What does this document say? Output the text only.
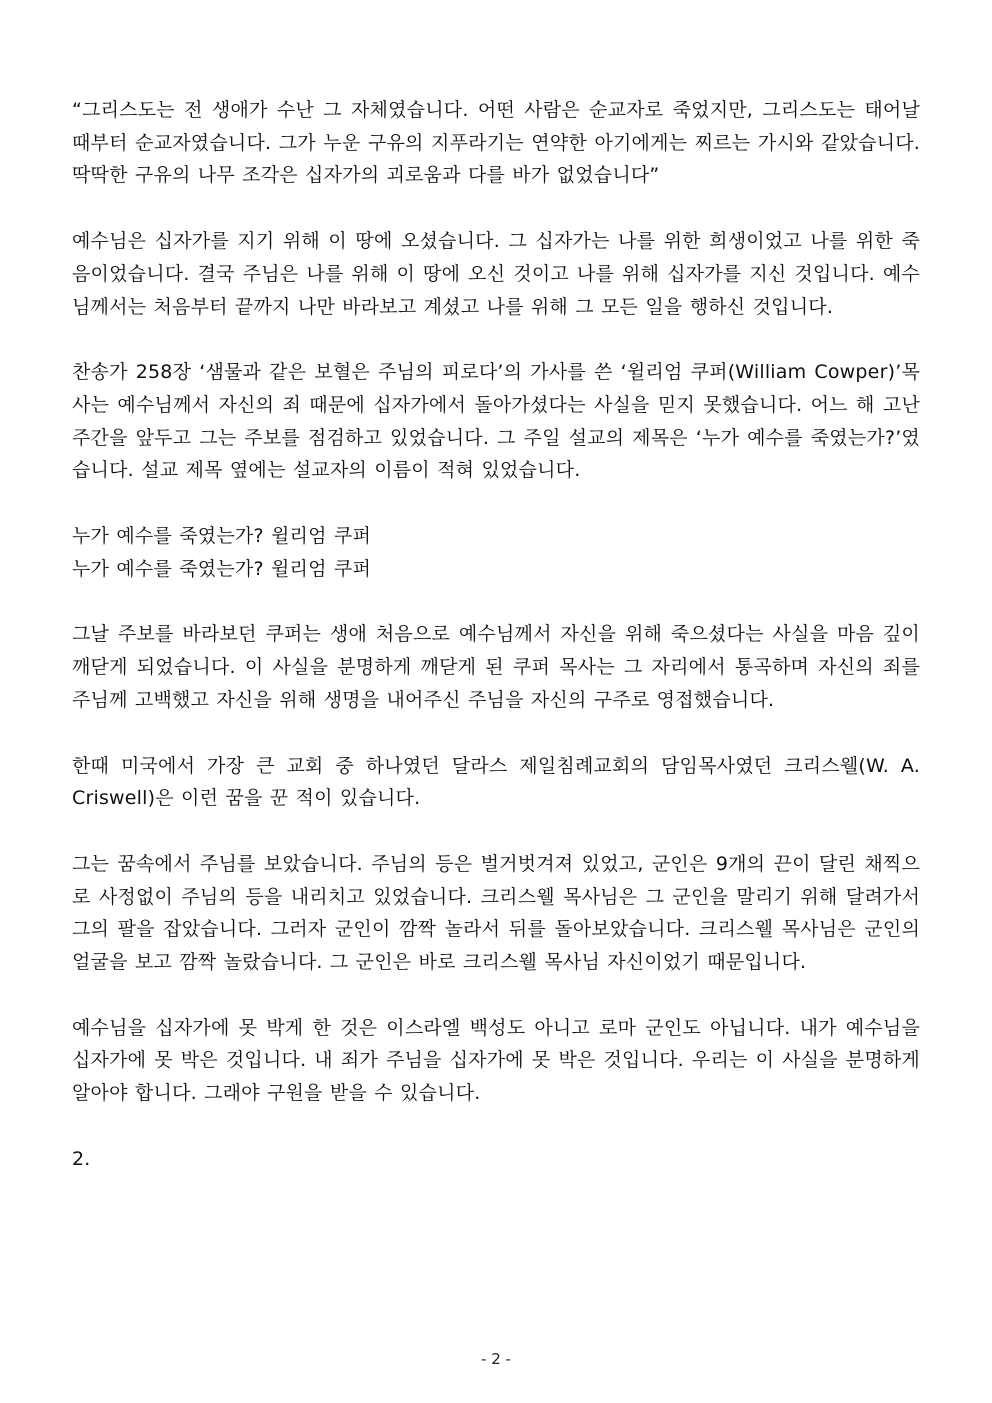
“그리스도는 전 생애가 수난 그 자체였습니다. 어떤 사람은 순교자로 죽었지만, 그리스도는 태어날 때부터 순교자였습니다. 그가 누운 구유의 지푸라기는 연약한 아기에게는 찌르는 가시와 같았습니다. 딱딱한 구유의 나무 조각은 십자가의 괴로움과 다를 바가 없었습니다”

예수님은 십자가를 지기 위해 이 땅에 오셨습니다. 그 십자가는 나를 위한 희생이었고 나를 위한 죽음이었습니다. 결국 주님은 나를 위해 이 땅에 오신 것이고 나를 위해 십자가를 지신 것입니다. 예수님께서는 처음부터 끝까지 나만 바라보고 계셨고 나를 위해 그 모든 일을 행하신 것입니다.

찬송가 258장 ‘샘물과 같은 보혈은 주님의 피로다’의 가사를 쓴 ‘윌리엄 쿠퍼(William Cowper)’목사는 예수님께서 자신의 죄 때문에 십자가에서 돌아가셨다는 사실을 믿지 못했습니다. 어느 해 고난주간을 앞두고 그는 주보를 점검하고 있었습니다. 그 주일 설교의 제목은 ‘누가 예수를 죽였는가?’였습니다. 설교 제목 옆에는 설교자의 이름이 적혀 있었습니다.

누가 예수를 죽였는가? 윌리엄 쿠퍼
누가 예수를 죽였는가? 윌리엄 쿠퍼

그날 주보를 바라보던 쿠퍼는 생애 처음으로 예수님께서 자신을 위해 죽으셨다는 사실을 마음 깊이 깨닫게 되었습니다. 이 사실을 분명하게 깨닫게 된 쿠퍼 목사는 그 자리에서 통곡하며 자신의 죄를 주님께 고백했고 자신을 위해 생명을 내어주신 주님을 자신의 구주로 영접했습니다.

한때 미국에서 가장 큰 교회 중 하나였던 달라스 제일침례교회의 담임목사였던 크리스웰(W. A. Criswell)은 이런 꿈을 꾼 적이 있습니다.

그는 꿈속에서 주님를 보았습니다. 주님의 등은 벌거벗겨져 있었고, 군인은 9개의 끈이 달린 채찍으로 사정없이 주님의 등을 내리치고 있었습니다. 크리스웰 목사님은 그 군인을 말리기 위해 달려가서 그의 팔을 잡았습니다. 그러자 군인이 깜짝 놀라서 뒤를 돌아보았습니다. 크리스웰 목사님은 군인의 얼굴을 보고 깜짝 놀랐습니다. 그 군인은 바로 크리스웰 목사님 자신이었기 때문입니다.

예수님을 십자가에 못 박게 한 것은 이스라엘 백성도 아니고 로마 군인도 아닙니다. 내가 예수님을 십자가에 못 박은 것입니다. 내 죄가 주님을 십자가에 못 박은 것입니다. 우리는 이 사실을 분명하게 알아야 합니다. 그래야 구원을 받을 수 있습니다.

2.

- 2 -
